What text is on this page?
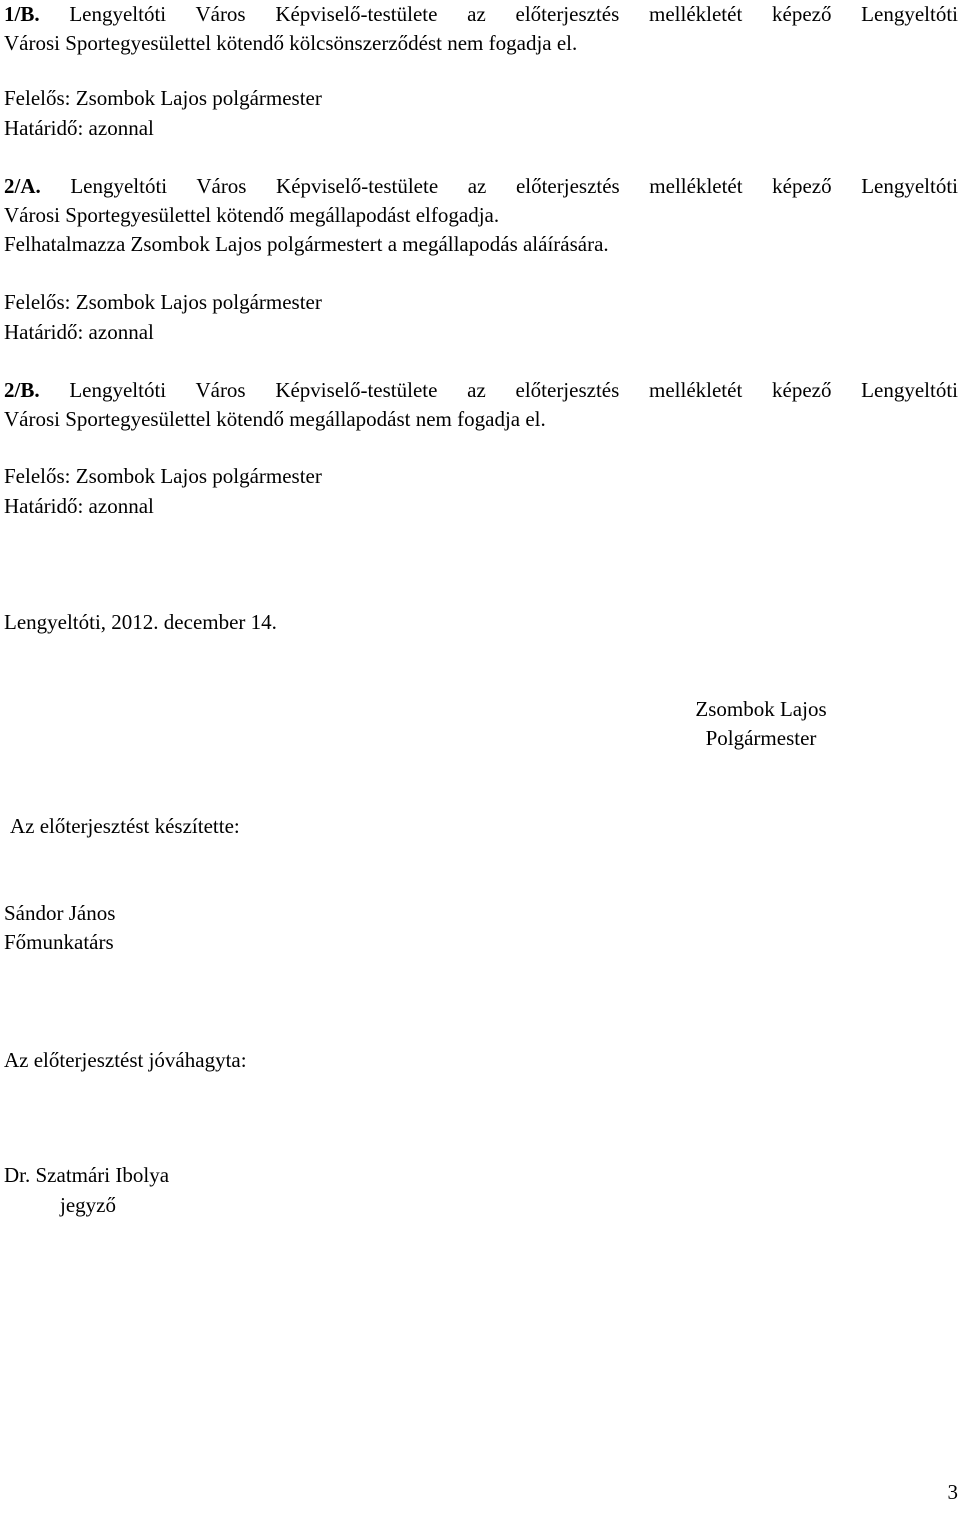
1/B. Lengyeltóti Város Képviselő-testülete az előterjesztés mellékletét képező Lengyeltóti
Városi Sportegyesülettel kötendő kölcsönszerződést nem fogadja el.

Felelős: Zsombok Lajos polgármester

Határidő: azonnal

2/A. Lengyeltóti Város Képviselő-testülete az előterjesztés mellékletét képező Lengyeltóti
Városi Sportegyesülettel kötendő megállapodást elfogadja.
Felhatalmazza Zsombok Lajos polgármestert a megállapodás aláírására.

Felelős: Zsombok Lajos polgármester

Határidő: azonnal

2/B. Lengyeltóti Város Képviselő-testülete az előterjesztés mellékletét képező Lengyeltóti
Városi Sportegyesülettel kötendő megállapodást nem fogadja el.

Felelős: Zsombok Lajos polgármester

Határidő: azonnal

Lengyeltóti, 2012. december 14.

Zsombok Lajos
Polgármester

Az előterjesztést készítette:

Sándor János

Főmunkatárs

Az előterjesztést jóváhagyta:

Dr. Szatmári Ibolya

jegyző

3
